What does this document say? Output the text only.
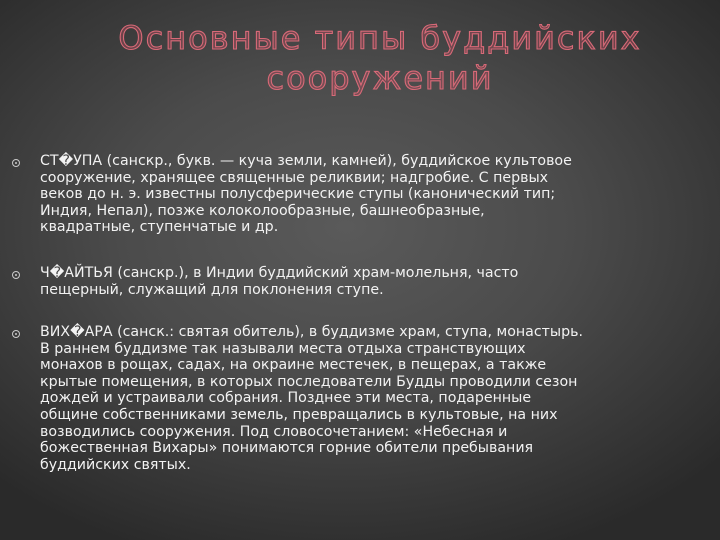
Основные типы буддийских
сооружений
СТ�УПА (санскр., букв. — куча земли, камней), буддийское культовое
сооружение, хранящее священные реликвии; надгробие. С первых
веков до н. э. известны полусферические ступы (канонический тип;
Индия, Непал), позже колоколообразные, башнеобразные,
квадратные, ступенчатые и др.
Ч�АЙТЬЯ (санскр.), в Индии буддийский храм-молельня, часто
пещерный, служащий для поклонения ступе.
ВИХ�АРА (санск.: святая обитель), в буддизме храм, ступа, монастырь.
В раннем буддизме так называли места отдыха странствующих
монахов в рощах, садах, на окраине местечек, в пещерах, а также
крытые помещения, в которых последователи Будды проводили сезон
дождей и устраивали собрания. Позднее эти места, подаренные
общине собственниками земель, превращались в культовые, на них
возводились сооружения. Под словосочетанием: «Небесная и
божественная Вихары» понимаются горние обители пребывания
буддийских святых.
